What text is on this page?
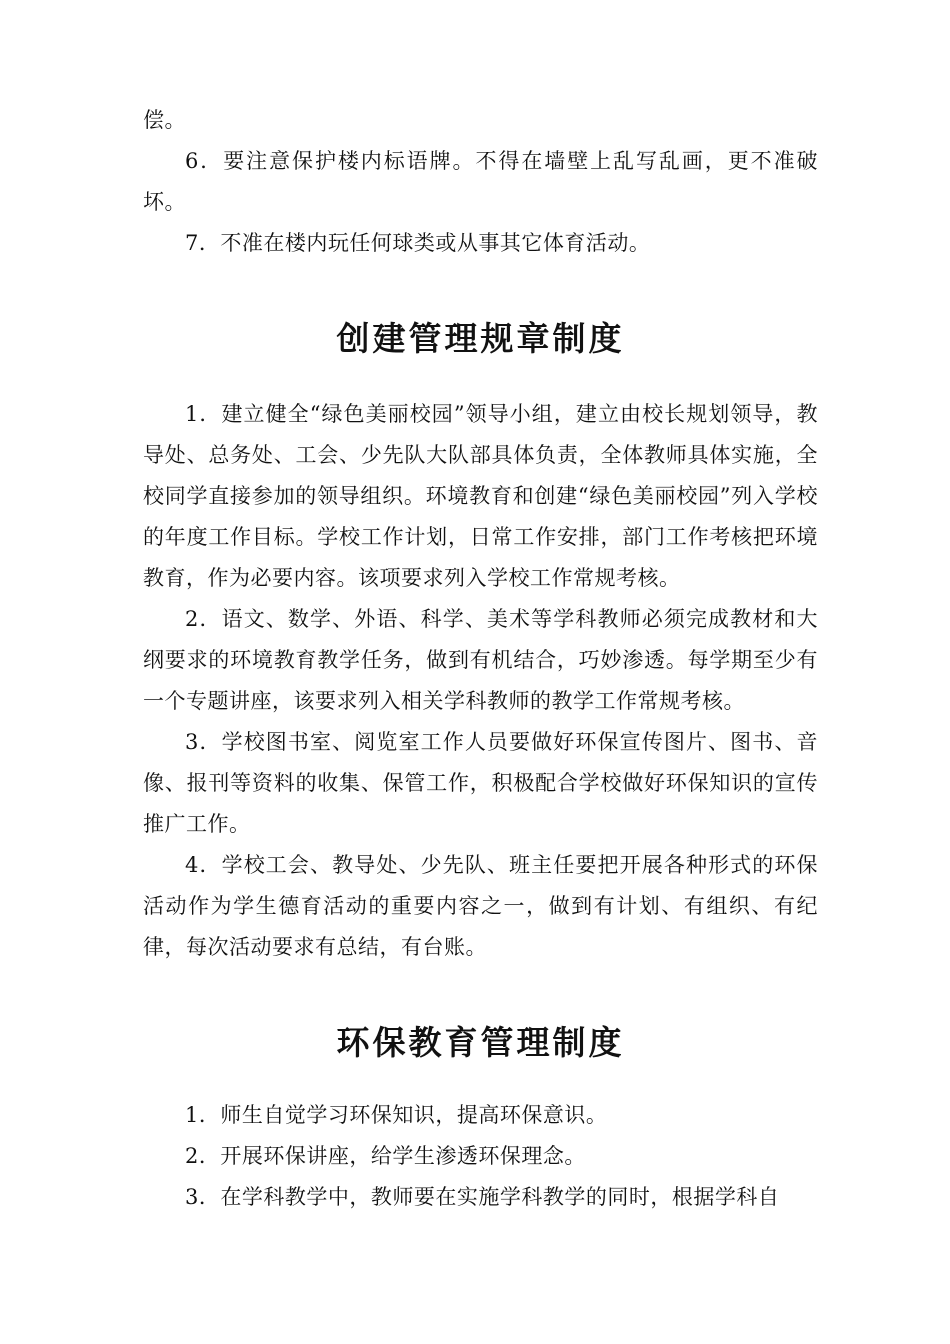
偿。

6．要注意保护楼内标语牌。不得在墙壁上乱写乱画，更不准破坏。

7．不准在楼内玩任何球类或从事其它体育活动。

创建管理规章制度

1．建立健全“绿色美丽校园”领导小组，建立由校长规划领导，教导处、总务处、工会、少先队大队部具体负责，全体教师具体实施，全校同学直接参加的领导组织。环境教育和创建“绿色美丽校园”列入学校的年度工作目标。学校工作计划，日常工作安排，部门工作考核把环境教育，作为必要内容。该项要求列入学校工作常规考核。

2．语文、数学、外语、科学、美术等学科教师必须完成教材和大纲要求的环境教育教学任务，做到有机结合，巧妙渗透。每学期至少有一个专题讲座，该要求列入相关学科教师的教学工作常规考核。

3．学校图书室、阅览室工作人员要做好环保宣传图片、图书、音像、报刊等资料的收集、保管工作，积极配合学校做好环保知识的宣传推广工作。

4．学校工会、教导处、少先队、班主任要把开展各种形式的环保活动作为学生德育活动的重要内容之一，做到有计划、有组织、有纪律，每次活动要求有总结，有台账。

环保教育管理制度

1．师生自觉学习环保知识，提高环保意识。

2．开展环保讲座，给学生渗透环保理念。

3．在学科教学中，教师要在实施学科教学的同时，根据学科自
